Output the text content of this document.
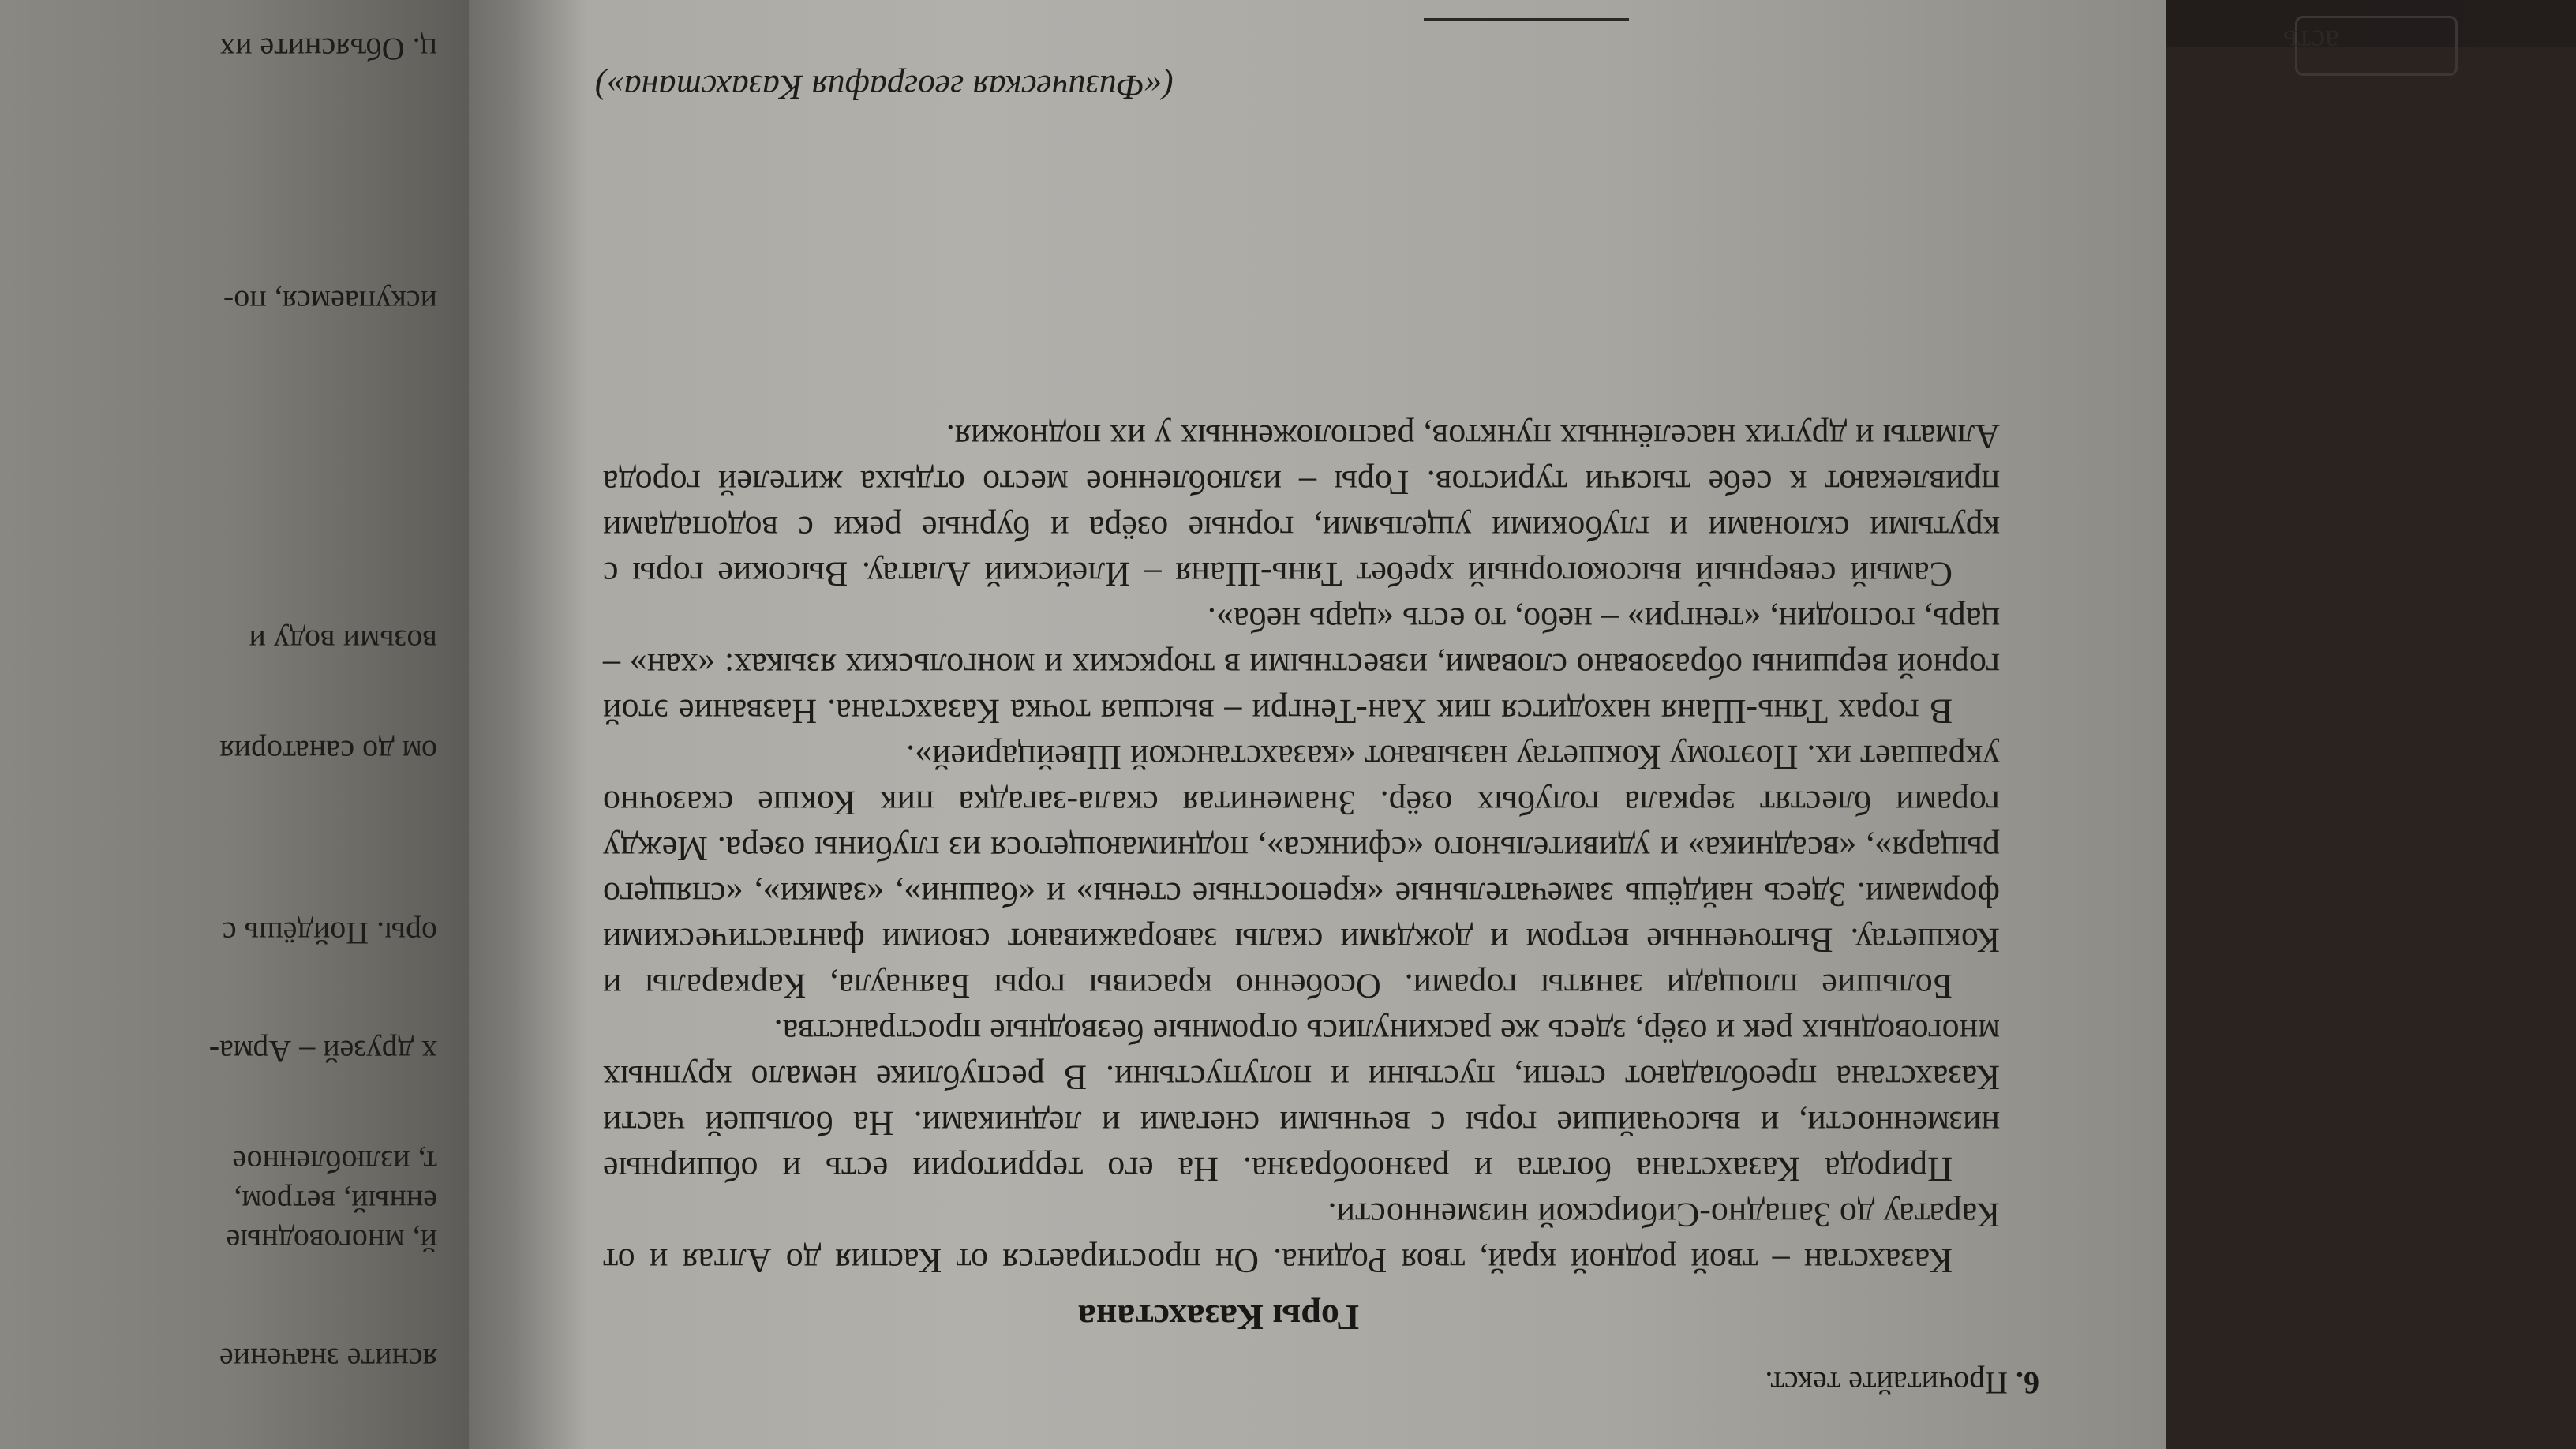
6. Прочитайте текст.
Горы Казахстана

Казахстан – твой родной край, твоя Родина. Он простирается от Каспия до Алтая и от Каратау до Западно-Сибирской низменности.

Природа Казахстана богата и разнообразна. На его территории есть и обширные низменности, и высочайшие горы с вечными снегами и ледниками. На большей части Казахстана преобладают степи, пустыни и полупустыни. В республике немало крупных многоводных рек и озёр, здесь же раскинулись огромные безводные пространства.

Большие площади заняты горами. Особенно красивы горы Баянаула, Каркаралы и Кокшетау. Выточенные ветром и дождями скалы завораживают своими фантастическими формами. Здесь найдёшь замечательные «крепостные стены» и «башни», «замки», «спящего рыцаря», «всадника» и удивительного «сфинкса», поднимающегося из глубины озера. Между горами блестят зеркала голубых озёр. Знаменитая скала-загадка пик Кокше сказочно украшает их. Поэтому Кокшетау называют «казахстанской Швейцарией».

В горах Тянь-Шаня находится пик Хан-Тенгри – высшая точка Казахстана. Название этой горной вершины образовано словами, известными в тюркских и монгольских языках: «хан» – царь, господин, «тенгри» – небо, то есть «царь неба».

Самый северный высокогорный хребет Тянь-Шаня – Илейский Алатау. Высокие горы с крутыми склонами и глубокими ущельями, горные озёра и бурные реки с водопадами привлекают к себе тысячи туристов. Горы – излюбленное место отдыха жителей города Алматы и других населённых пунктов, расположенных у их подножия.

(«Физическая география Казахстана»)
ясните значение
й, многоводные
енный, ветром,
т, излюбленное
х друзей – Арма-
оры. Пойдёшь с
ом до санатория
возьми воду и
искупаемся, по-
ц. Объясните их	асть
